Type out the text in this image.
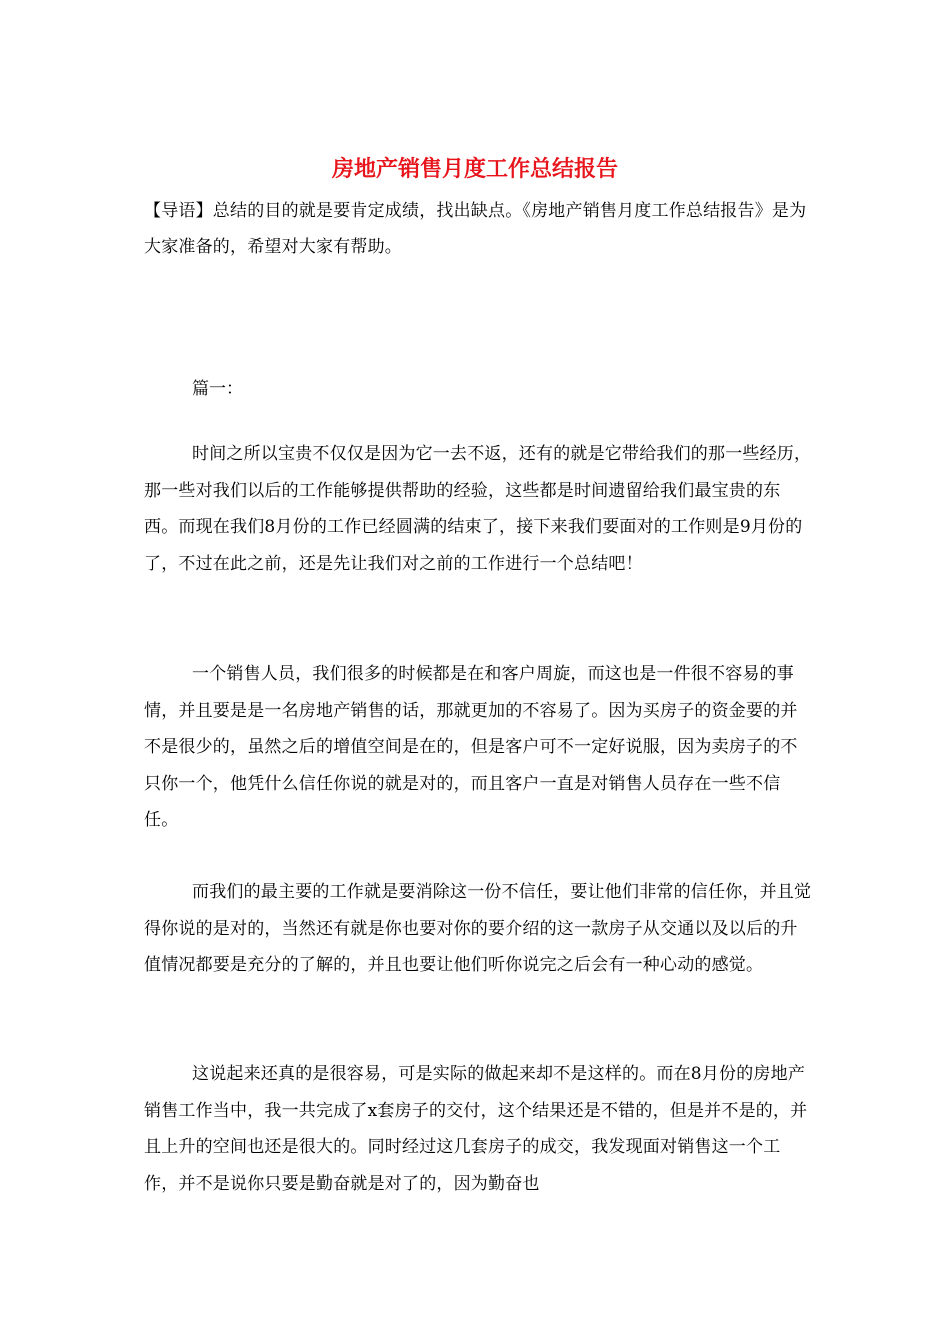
房地产销售月度工作总结报告

【导语】总结的目的就是要肯定成绩，找出缺点。《房地产销售月度工作总结报告》是为大家准备的，希望对大家有帮助。

篇一：

时间之所以宝贵不仅仅是因为它一去不返，还有的就是它带给我们的那一些经历，那一些对我们以后的工作能够提供帮助的经验，这些都是时间遗留给我们最宝贵的东西。而现在我们8月份的工作已经圆满的结束了，接下来我们要面对的工作则是9月份的了，不过在此之前，还是先让我们对之前的工作进行一个总结吧！

一个销售人员，我们很多的时候都是在和客户周旋，而这也是一件很不容易的事情，并且要是是一名房地产销售的话，那就更加的不容易了。因为买房子的资金要的并不是很少的，虽然之后的增值空间是在的，但是客户可不一定好说服，因为卖房子的不只你一个，他凭什么信任你说的就是对的，而且客户一直是对销售人员存在一些不信任。

而我们的最主要的工作就是要消除这一份不信任，要让他们非常的信任你，并且觉得你说的是对的，当然还有就是你也要对你的要介绍的这一款房子从交通以及以后的升值情况都要是充分的了解的，并且也要让他们听你说完之后会有一种心动的感觉。

这说起来还真的是很容易，可是实际的做起来却不是这样的。而在8月份的房地产销售工作当中，我一共完成了x套房子的交付，这个结果还是不错的，但是并不是的，并且上升的空间也还是很大的。同时经过这几套房子的成交，我发现面对销售这一个工作，并不是说你只要是勤奋就是对了的，因为勤奋也
